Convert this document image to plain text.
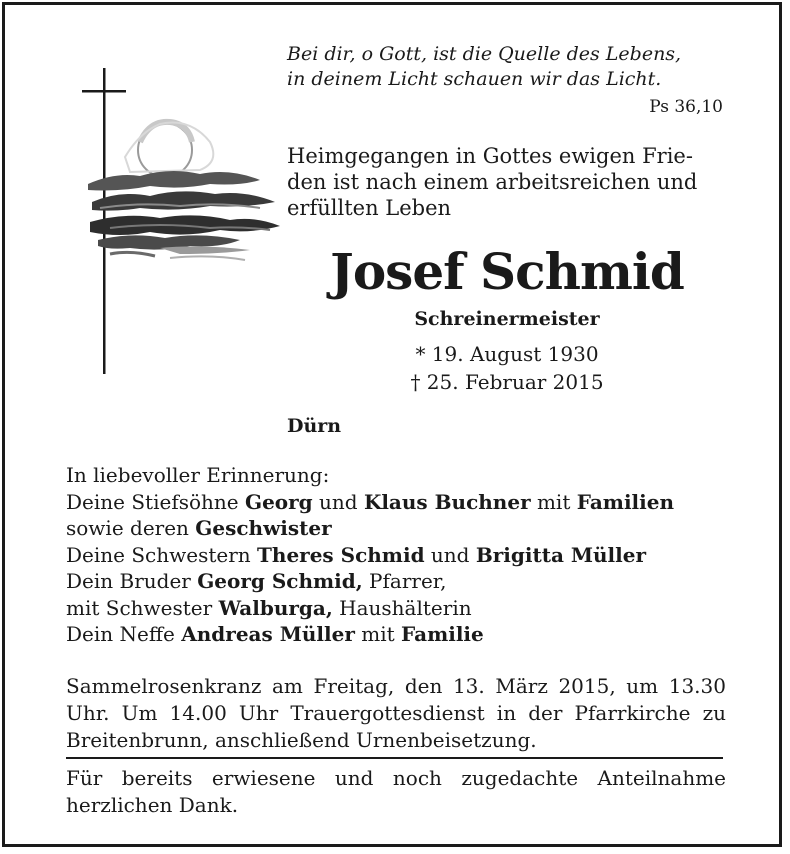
Bei dir, o Gott, ist die Quelle des Lebens,
in deinem Licht schauen wir das Licht.
Ps 36,10
Heimgegangen in Gottes ewigen Frie-
den ist nach einem arbeitsreichen und
erfüllten Leben
Josef Schmid
Schreinermeister
* 19. August 1930
† 25. Februar 2015
Dürn
In liebevoller Erinnerung:
Deine Stiefsöhne Georg und Klaus Buchner mit Familien
sowie deren Geschwister
Deine Schwestern Theres Schmid und Brigitta Müller
Dein Bruder Georg Schmid, Pfarrer,
mit Schwester Walburga, Haushälterin
Dein Neffe Andreas Müller mit Familie
Sammelrosenkranz am Freitag, den 13. März 2015, um 13.30 Uhr. Um 14.00 Uhr Trauergottesdienst in der Pfarrkirche zu Breitenbrunn, anschließend Urnenbeisetzung.
Für bereits erwiesene und noch zugedachte Anteilnahme herzlichen Dank.
